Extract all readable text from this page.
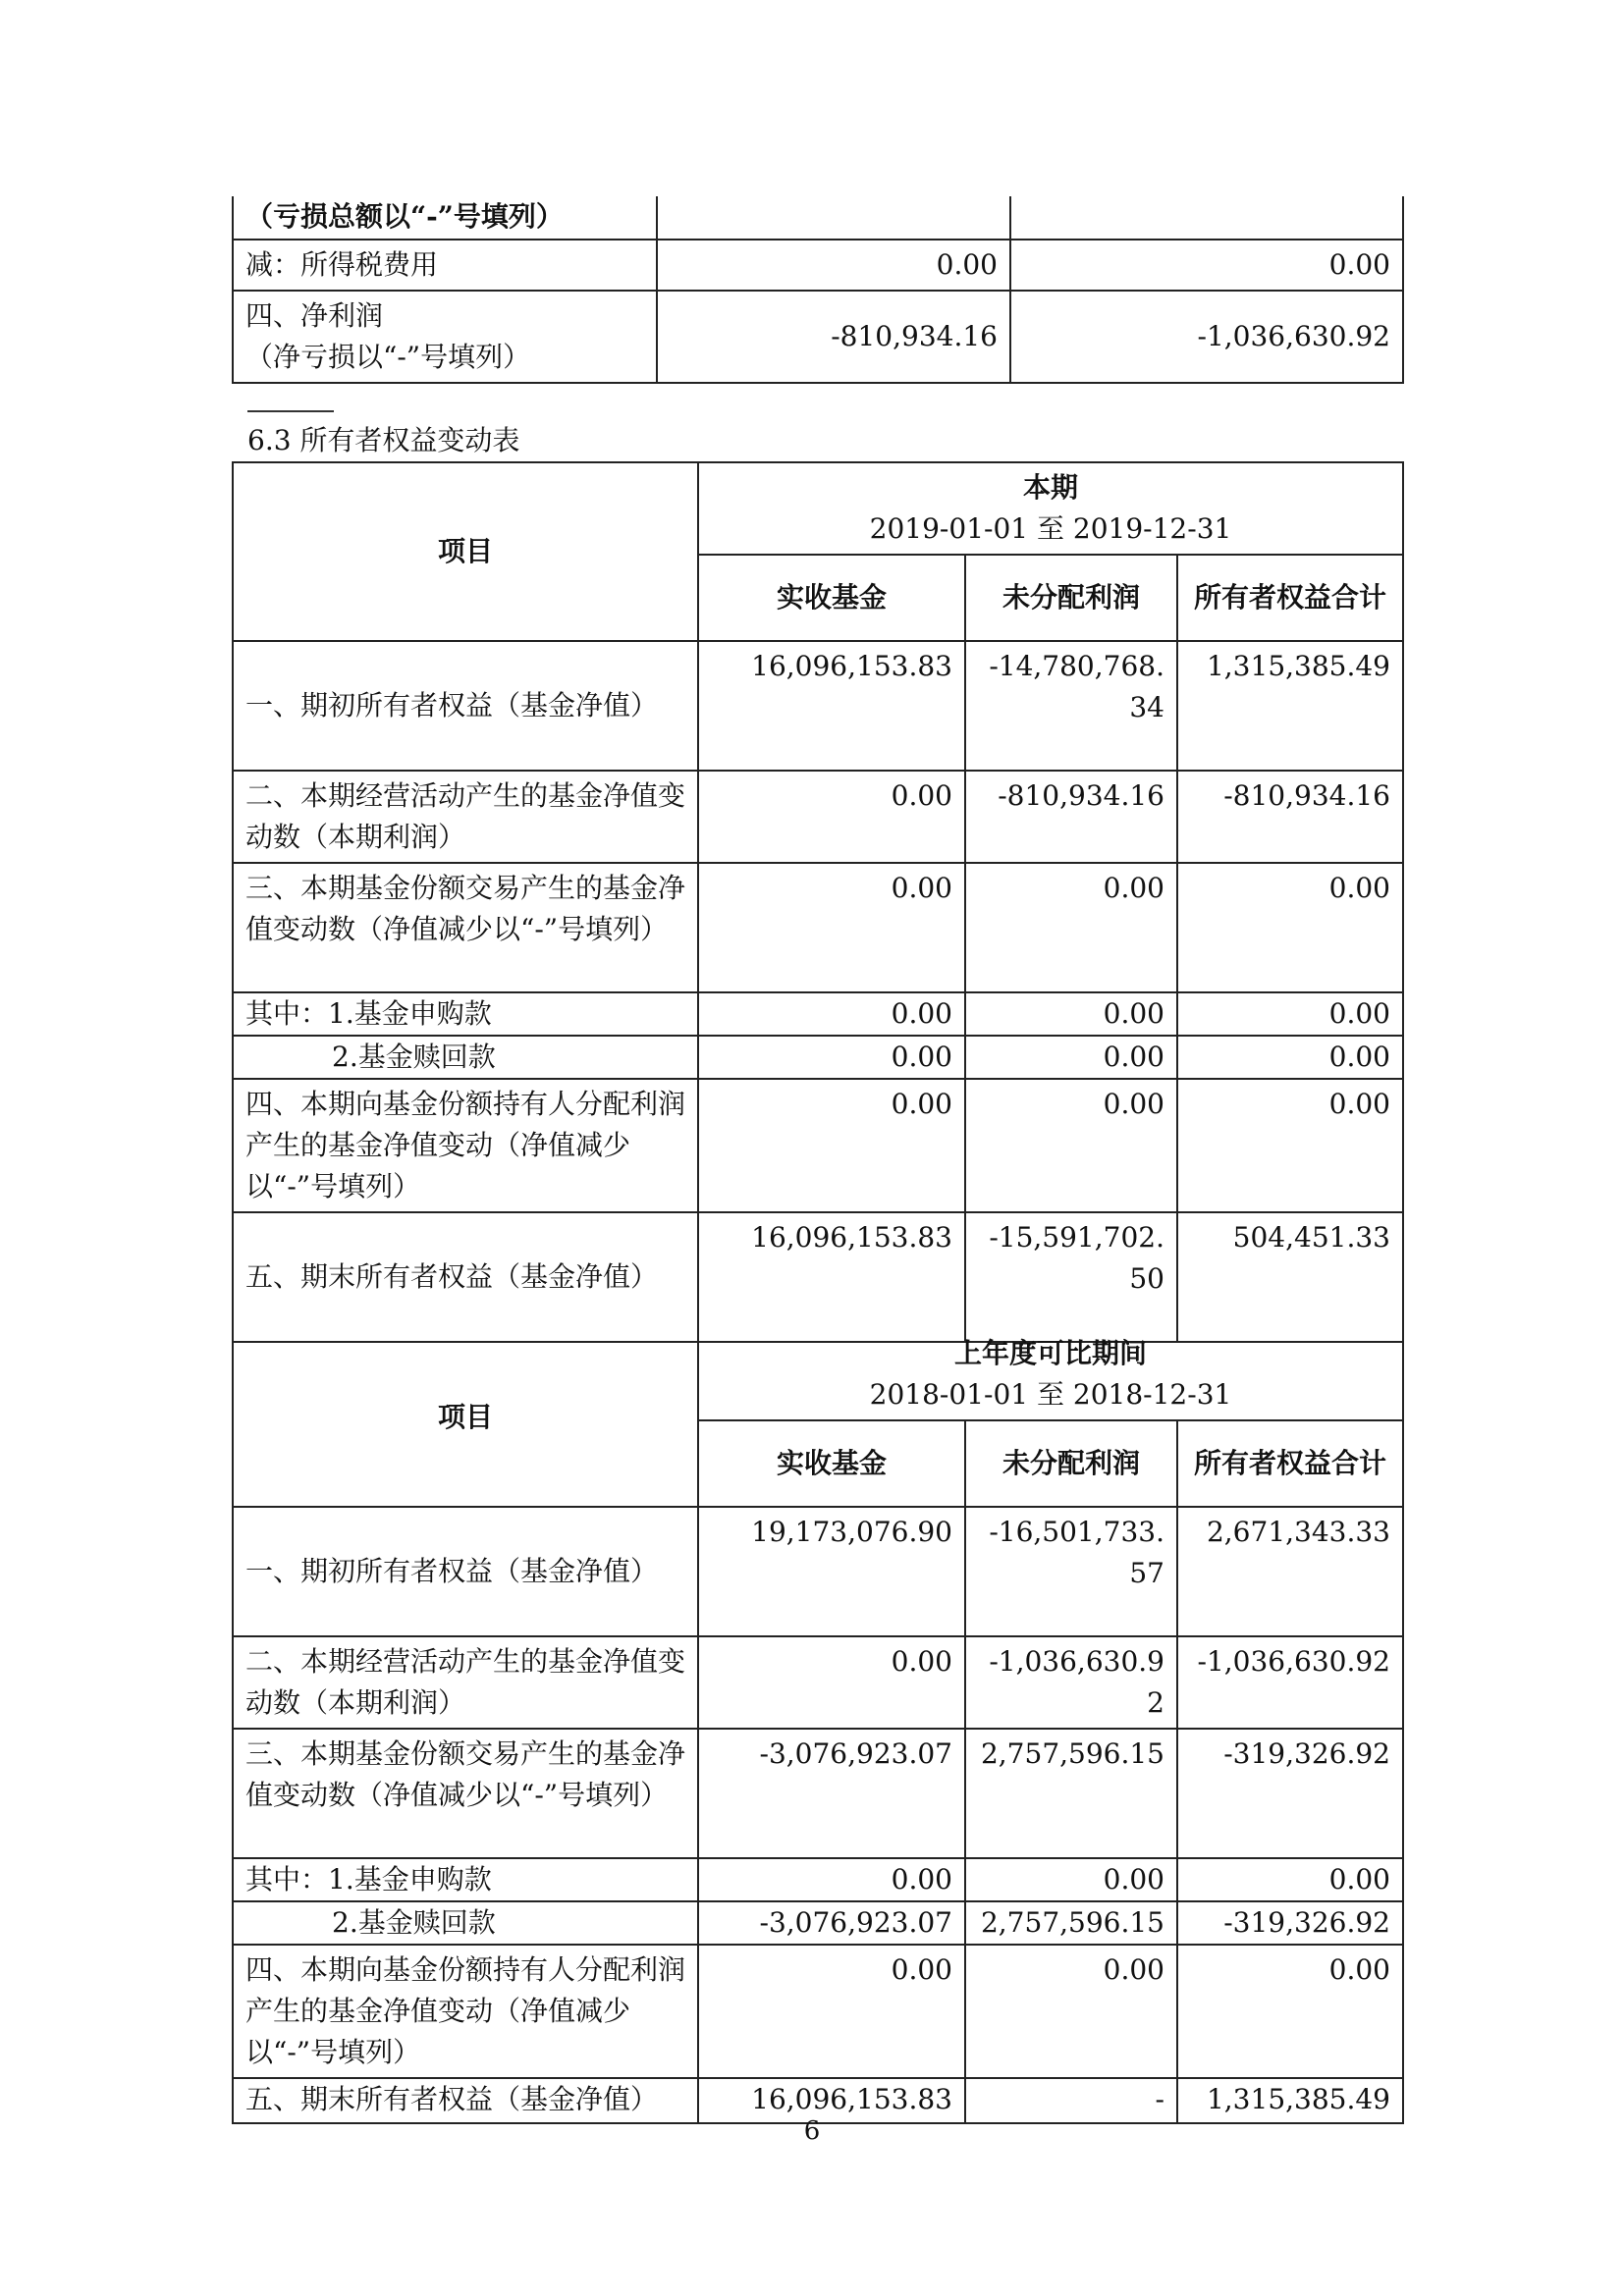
（亏损总额以“-”号填列）		
减：所得税费用	0.00	0.00
四、净利润
（净亏损以“-”号填列）	-810,934.16	-1,036,630.92
6.3 所有者权益变动表
项目	本期
2019-01-01 至 2019-12-31		

	实收基金	未分配利润	所有者权益合计
一、期初所有者权益（基金净值）	16,096,153.83	-14,780,768.34	1,315,385.49
二、本期经营活动产生的基金净值变动数（本期利润）	0.00	-810,934.16	-810,934.16
三、本期基金份额交易产生的基金净值变动数（净值减少以“-”号填列）	0.00	0.00	0.00
其中：1.基金申购款	0.00	0.00	0.00
2.基金赎回款	0.00	0.00	0.00
四、本期向基金份额持有人分配利润产生的基金净值变动（净值减少以“-”号填列）	0.00	0.00	0.00
五、期末所有者权益（基金净值）	16,096,153.83	-15,591,702.50	504,451.33
项目	上年度可比期间
2018-01-01 至 2018-12-31		

	实收基金	未分配利润	所有者权益合计
一、期初所有者权益（基金净值）	19,173,076.90	-16,501,733.57	2,671,343.33
二、本期经营活动产生的基金净值变动数（本期利润）	0.00	-1,036,630.92	-1,036,630.92
三、本期基金份额交易产生的基金净值变动数（净值减少以“-”号填列）	-3,076,923.07	2,757,596.15	-319,326.92
其中：1.基金申购款	0.00	0.00	0.00
2.基金赎回款	-3,076,923.07	2,757,596.15	-319,326.92
四、本期向基金份额持有人分配利润产生的基金净值变动（净值减少以“-”号填列）	0.00	0.00	0.00
五、期末所有者权益（基金净值）	16,096,153.83	-	1,315,385.49
6
